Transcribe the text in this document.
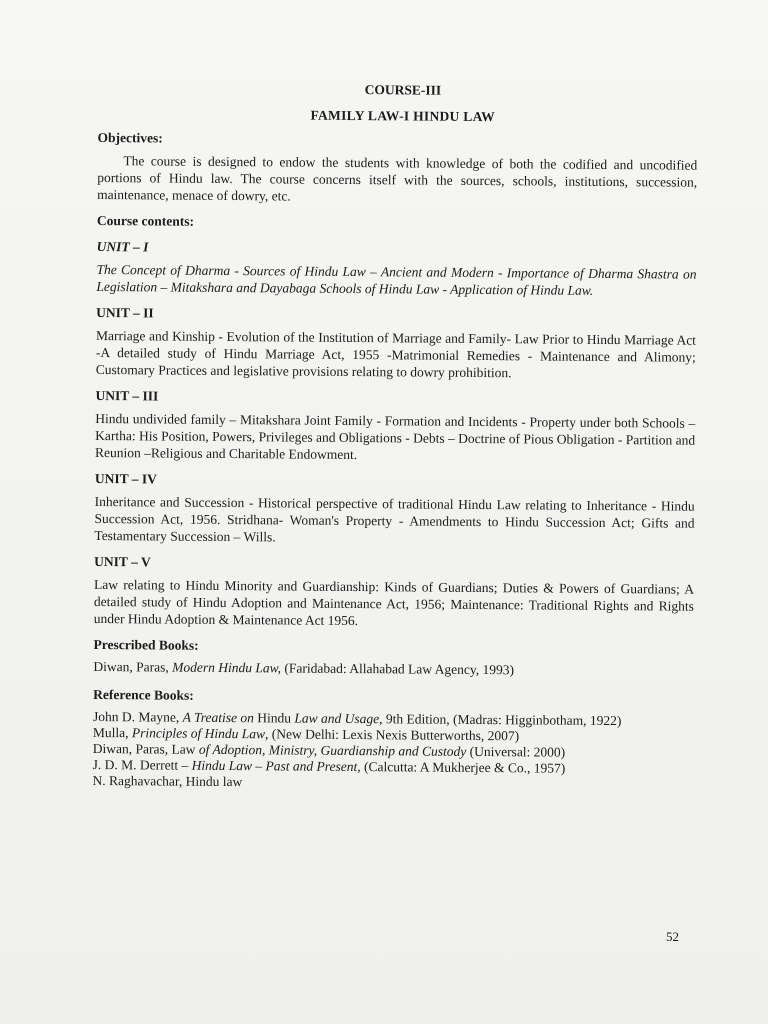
COURSE-III
FAMILY LAW-I HINDU LAW
Objectives:

The course is designed to endow the students with knowledge of both the codified and uncodified portions of Hindu law. The course concerns itself with the sources, schools, institutions, succession, maintenance, menace of dowry, etc.

Course contents:
UNIT – I

The Concept of Dharma - Sources of Hindu Law – Ancient and Modern - Importance of Dharma Shastra on Legislation – Mitakshara and Dayabaga Schools of Hindu Law - Application of Hindu Law.

UNIT – II

Marriage and Kinship - Evolution of the Institution of Marriage and Family- Law Prior to Hindu Marriage Act -A detailed study of Hindu Marriage Act, 1955 -Matrimonial Remedies - Maintenance and Alimony; Customary Practices and legislative provisions relating to dowry prohibition.

UNIT – III

Hindu undivided family – Mitakshara Joint Family - Formation and Incidents - Property under both Schools – Kartha: His Position, Powers, Privileges and Obligations - Debts – Doctrine of Pious Obligation - Partition and Reunion –Religious and Charitable Endowment.

UNIT – IV

Inheritance and Succession - Historical perspective of traditional Hindu Law relating to Inheritance - Hindu Succession Act, 1956. Stridhana- Woman's Property - Amendments to Hindu Succession Act; Gifts and Testamentary Succession – Wills.

UNIT – V

Law relating to Hindu Minority and Guardianship: Kinds of Guardians; Duties & Powers of Guardians; A detailed study of Hindu Adoption and Maintenance Act, 1956; Maintenance: Traditional Rights and Rights under Hindu Adoption & Maintenance Act 1956.

Prescribed Books:
Diwan, Paras, Modern Hindu Law, (Faridabad: Allahabad Law Agency, 1993)
Reference Books:
John D. Mayne, A Treatise on Hindu Law and Usage, 9th Edition, (Madras: Higginbotham, 1922)
Mulla, Principles of Hindu Law, (New Delhi: Lexis Nexis Butterworths, 2007)
Diwan, Paras, Law of Adoption, Ministry, Guardianship and Custody (Universal: 2000)
J. D. M. Derrett – Hindu Law – Past and Present, (Calcutta: A Mukherjee & Co., 1957)
N. Raghavachar, Hindu law
52
